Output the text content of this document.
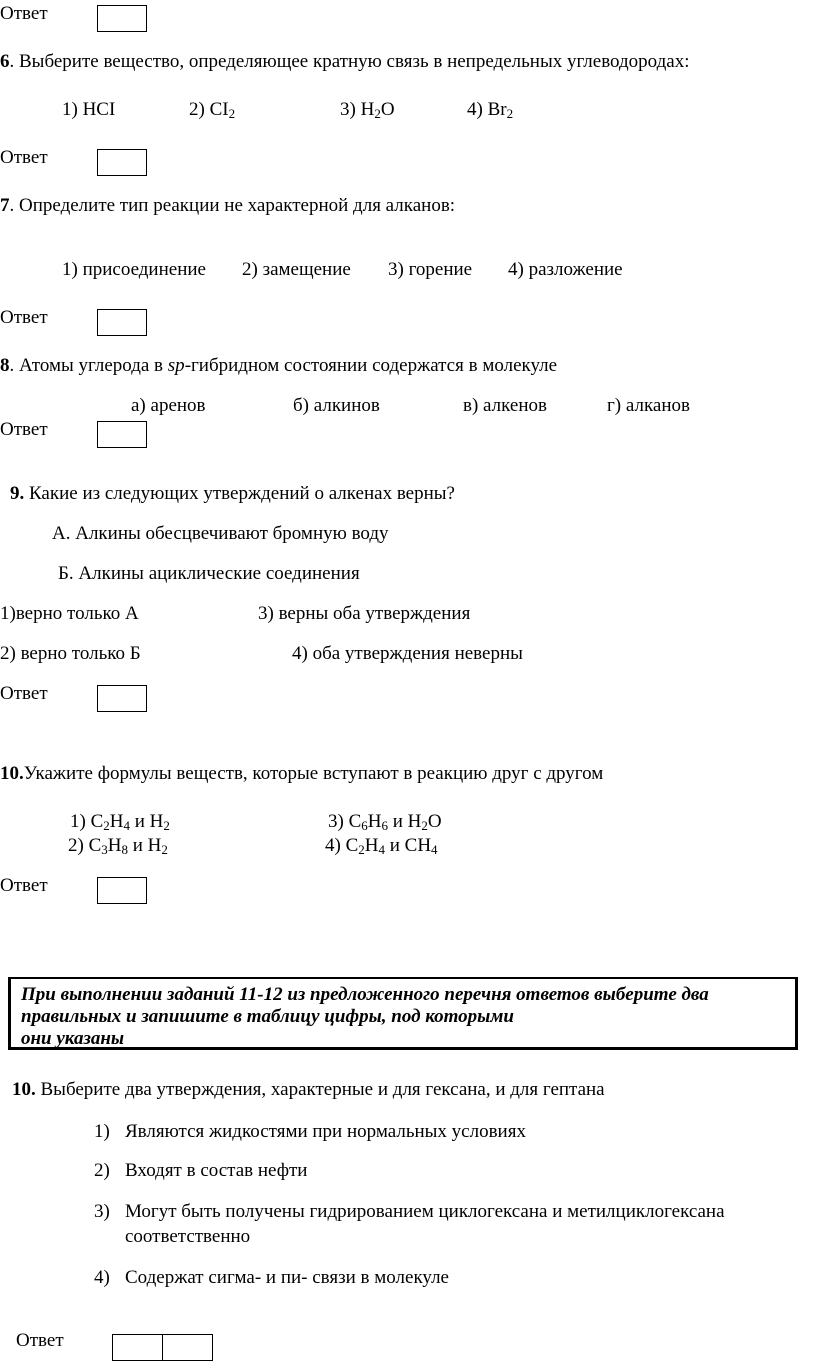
Ответ
6. Выберите вещество, определяющее кратную связь в непредельных углеводородах:
1) HCI	2) $CI_2$	3) $H_2O$	4) $Br_2$
Ответ
7. Определите тип реакции не характерной для алканов:
1) присоединение 2) замещение 3) горение 4) разложение
Ответ
8. Атомы углерода в sp-гибридном состоянии содержатся в молекуле
а) аренов	б) алкинов	в) алкенов	г) алканов
Ответ
9. Какие из следующих утверждений о алкенах верны?
А. Алкины обесцвечивают бромную воду
Б. Алкины ациклические соединения
1)верно только А	3) верны оба утверждения
2) верно только Б	4) оба утверждения неверны
Ответ
10.Укажите формулы веществ, которые вступают в реакцию друг с другом
1) $C_2H_4$ и $H_2$	3) $C_6H_6$ и $H_2O$
2) $C_3H_8$ и $H_2$	4) $C_2H_4$ и $CH_4$
Ответ
При выполнении заданий 11-12 из предложенного перечня ответов выберите два
правильных и запишите в таблицу цифры, под которыми
они указаны
10. Выберите два утверждения, характерные и для гексана, и для гептана
1) Являются жидкостями при нормальных условиях
2) Входят в состав нефти
3) Могут быть получены гидрированием циклогексана и метилциклогексана
соответственно
4) Содержат сигма- и пи- связи в молекуле
Ответ
